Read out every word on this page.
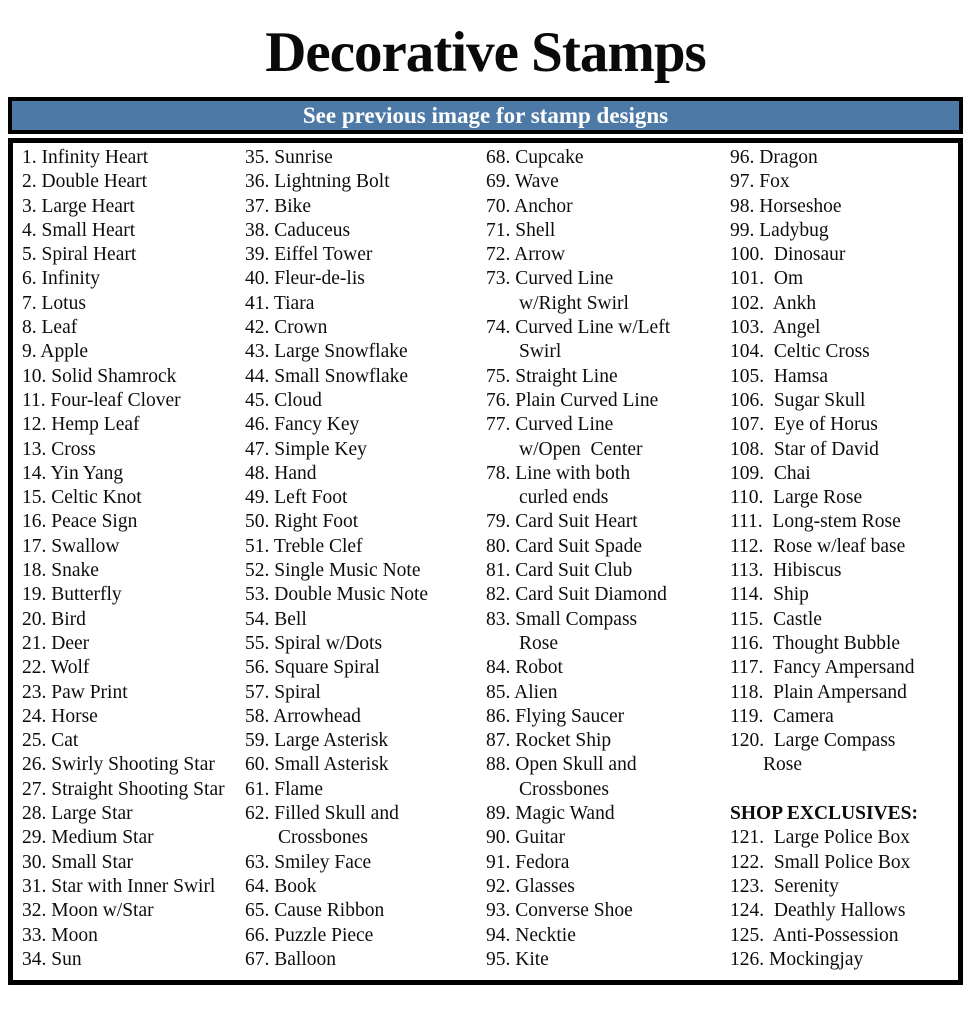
Decorative Stamps
See previous image for stamp designs
1. Infinity Heart
2. Double Heart
3. Large Heart
4. Small Heart
5. Spiral Heart
6. Infinity
7. Lotus
8. Leaf
9. Apple
10. Solid Shamrock
11. Four-leaf Clover
12. Hemp Leaf
13. Cross
14. Yin Yang
15. Celtic Knot
16. Peace Sign
17. Swallow
18. Snake
19. Butterfly
20. Bird
21. Deer
22. Wolf
23. Paw Print
24. Horse
25. Cat
26. Swirly Shooting Star
27. Straight Shooting Star
28. Large Star
29. Medium Star
30. Small Star
31. Star with Inner Swirl
32. Moon w/Star
33. Moon
34. Sun
35. Sunrise
36. Lightning Bolt
37. Bike
38. Caduceus
39. Eiffel Tower
40. Fleur-de-lis
41. Tiara
42. Crown
43. Large Snowflake
44. Small Snowflake
45. Cloud
46. Fancy Key
47. Simple Key
48. Hand
49. Left Foot
50. Right Foot
51. Treble Clef
52. Single Music Note
53. Double Music Note
54. Bell
55. Spiral w/Dots
56. Square Spiral
57. Spiral
58. Arrowhead
59. Large Asterisk
60. Small Asterisk
61. Flame
62. Filled Skull and
Crossbones
63. Smiley Face
64. Book
65. Cause Ribbon
66. Puzzle Piece
67. Balloon
68. Cupcake
69. Wave
70. Anchor
71. Shell
72. Arrow
73. Curved Line
w/Right Swirl
74. Curved Line w/Left
Swirl
75. Straight Line
76. Plain Curved Line
77. Curved Line
w/Open  Center
78. Line with both
curled ends
79. Card Suit Heart
80. Card Suit Spade
81. Card Suit Club
82. Card Suit Diamond
83. Small Compass
Rose
84. Robot
85. Alien
86. Flying Saucer
87. Rocket Ship
88. Open Skull and
Crossbones
89. Magic Wand
90. Guitar
91. Fedora
92. Glasses
93. Converse Shoe
94. Necktie
95. Kite
96. Dragon
97. Fox
98. Horseshoe
99. Ladybug
100.  Dinosaur
101.  Om
102.  Ankh
103.  Angel
104.  Celtic Cross
105.  Hamsa
106.  Sugar Skull
107.  Eye of Horus
108.  Star of David
109.  Chai
110.  Large Rose
111.  Long-stem Rose
112.  Rose w/leaf base
113.  Hibiscus
114.  Ship
115.  Castle
116.  Thought Bubble
117.  Fancy Ampersand
118.  Plain Ampersand
119.  Camera
120.  Large Compass
Rose
SHOP EXCLUSIVES:
121.  Large Police Box
122.  Small Police Box
123.  Serenity
124.  Deathly Hallows
125.  Anti-Possession
126. Mockingjay
